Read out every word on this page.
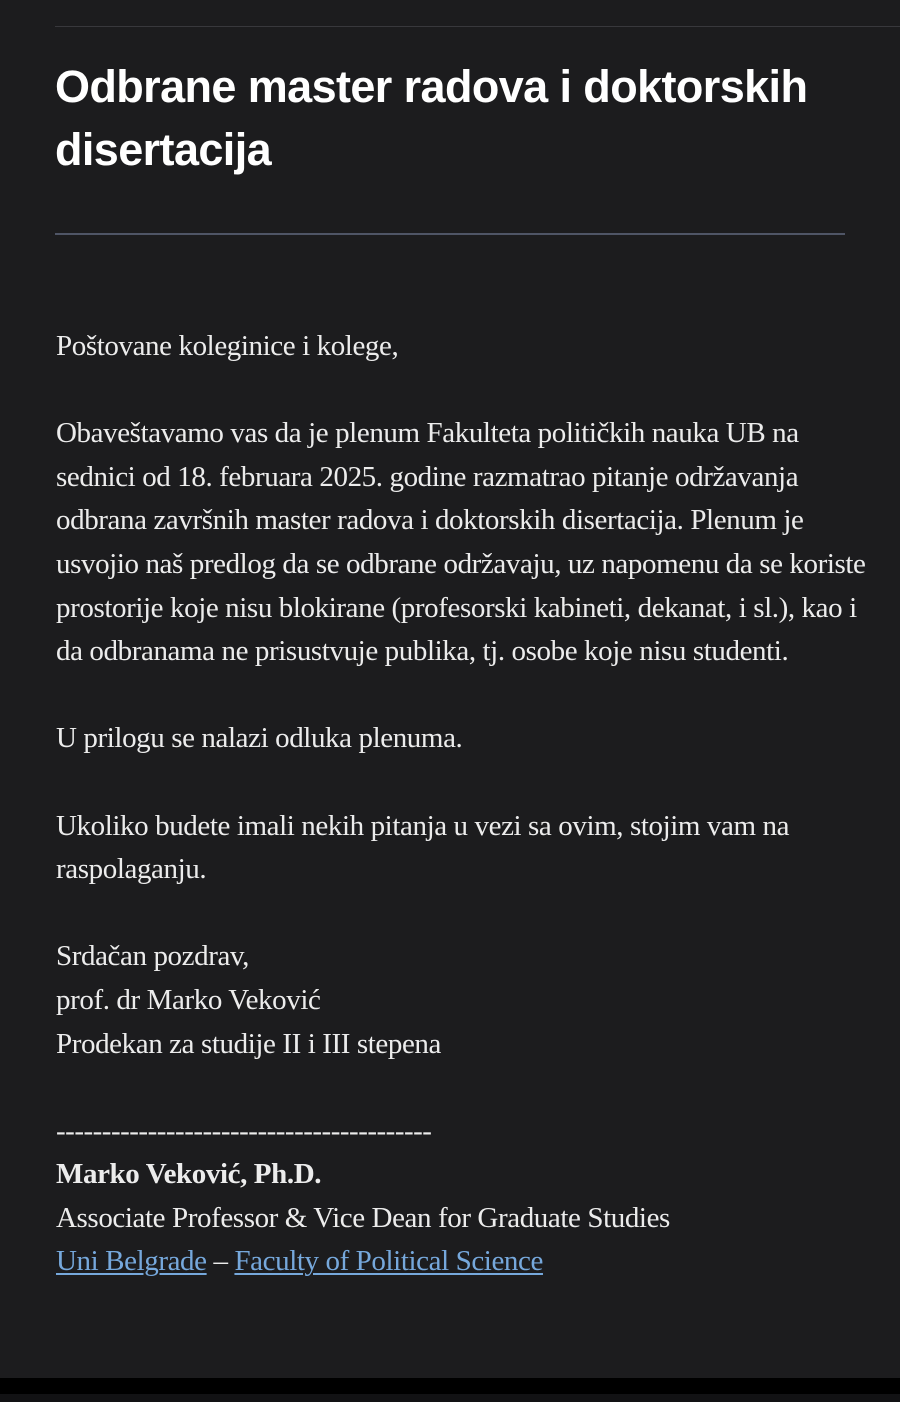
Odbrane master radova i doktorskih disertacija

Poštovane koleginice i kolege,

Obaveštavamo vas da je plenum Fakulteta političkih nauka UB na sednici od 18. februara 2025. godine razmatrao pitanje održavanja odbrana završnih master radova i doktorskih disertacija. Plenum je usvojio naš predlog da se odbrane održavaju, uz napomenu da se koriste prostorije koje nisu blokirane (profesorski kabineti, dekanat, i sl.), kao i da odbranama ne prisustvuje publika, tj. osobe koje nisu studenti.

U prilogu se nalazi odluka plenuma.

Ukoliko budete imali nekih pitanja u vezi sa ovim, stojim vam na raspolaganju.

Srdačan pozdrav,
prof. dr Marko Veković
Prodekan za studije II i III stepena

-----------------------------------------
Marko Veković, Ph.D.
Associate Professor & Vice Dean for Graduate Studies
Uni Belgrade – Faculty of Political Science
